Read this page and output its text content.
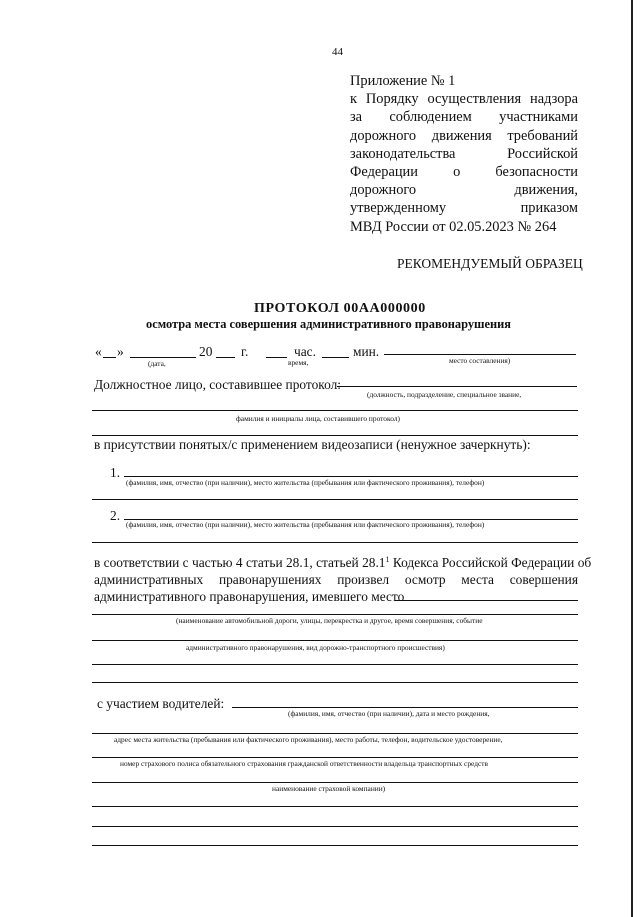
44
Приложение № 1
к Порядку осуществления надзора
за соблюдением участниками
дорожного движения требований
законодательства Российской
Федерации о безопасности
дорожного движения,
утвержденному приказом
МВД России от 02.05.2023 № 264
РЕКОМЕНДУЕМЫЙ ОБРАЗЕЦ
ПРОТОКОЛ 00АА000000
осмотра места совершения административного правонарушения
« »	20 г.	час.	мин.
(дата,	время,	место составления)
Должностное лицо, составившее протокол:
(должность, подразделение, специальное звание,
фамилия и инициалы лица, составившего протокол)
в присутствии понятых/с применением видеозаписи (ненужное зачеркнуть):
1.
(фамилия, имя, отчество (при наличии), место жительства (пребывания или фактического проживания), телефон)
2.
(фамилия, имя, отчество (при наличии), место жительства (пребывания или фактического проживания), телефон)
в соответствии с частью 4 статьи 28.1, статьей 28.1$^1$ Кодекса Российской Федерации об
административных правонарушениях произвел осмотр места совершения
административного правонарушения, имевшего место
(наименование автомобильной дороги, улицы, перекрестка и другое, время совершения, событие
административного правонарушения, вид дорожно-транспортного происшествия)
с участием водителей:
(фамилия, имя, отчество (при наличии), дата и место рождения,
адрес места жительства (пребывания или фактического проживания), место работы, телефон, водительское удостоверение,
номер страхового полиса обязательного страхования гражданской ответственности владельца транспортных средств
наименование страховой компании)
